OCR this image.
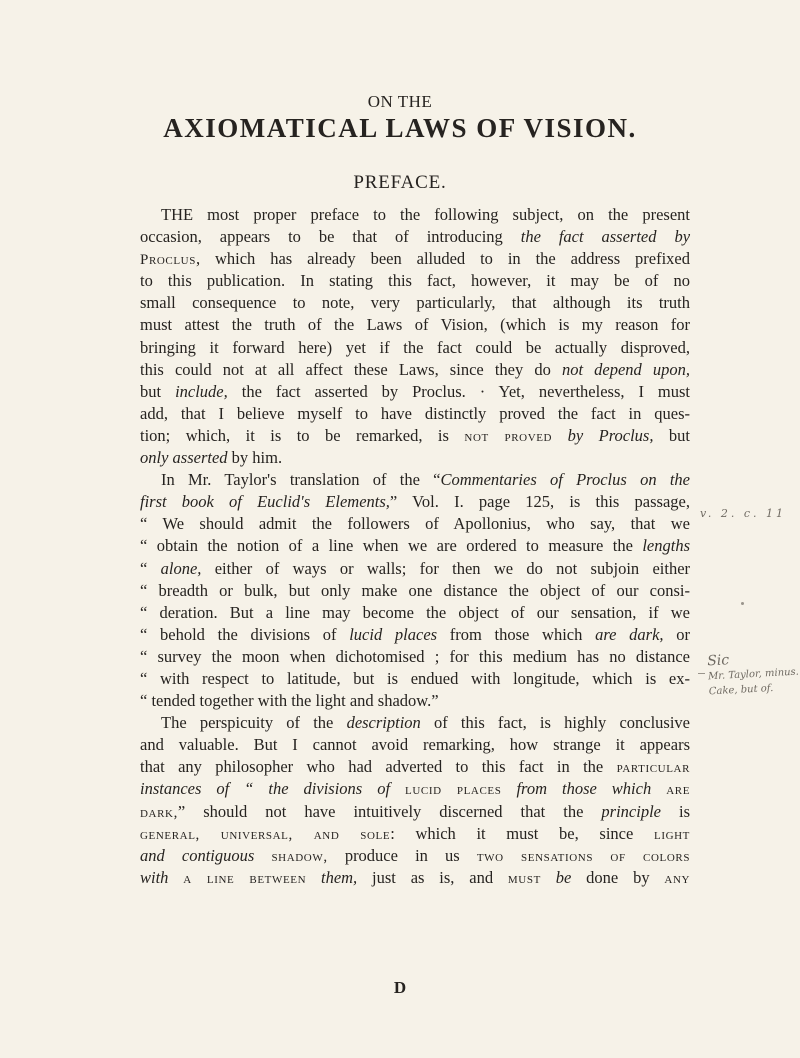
ON THE
AXIOMATICAL LAWS OF VISION.
PREFACE.
THE most proper preface to the following subject, on the present
occasion, appears to be that of introducing the fact asserted by
Proclus, which has already been alluded to in the address prefixed
to this publication. In stating this fact, however, it may be of no
small consequence to note, very particularly, that although its truth
must attest the truth of the Laws of Vision, (which is my reason for
bringing it forward here) yet if the fact could be actually disproved,
this could not at all affect these Laws, since they do not depend upon,
but include, the fact asserted by Proclus. · Yet, nevertheless, I must
add, that I believe myself to have distinctly proved the fact in ques-
tion; which, it is to be remarked, is not proved by Proclus, but
only asserted by him.
In Mr. Taylor's translation of the “Commentaries of Proclus on the
first book of Euclid's Elements,” Vol. I. page 125, is this passage,
“ We should admit the followers of Apollonius, who say, that we
“ obtain the notion of a line when we are ordered to measure the lengths
“ alone, either of ways or walls; for then we do not subjoin either
“ breadth or bulk, but only make one distance the object of our consi-
“ deration. But a line may become the object of our sensation, if we
“ behold the divisions of lucid places from those which are dark, or
“ survey the moon when dichotomised ; for this medium has no distance
“ with respect to latitude, but is endued with longitude, which is ex-
“ tended together with the light and shadow.”
The perspicuity of the description of this fact, is highly conclusive
and valuable. But I cannot avoid remarking, how strange it appears
that any philosopher who had adverted to this fact in the particular
instances of “ the divisions of lucid places from those which are
dark,” should not have intuitively discerned that the principle is
general, universal, and sole: which it must be, since light
and contiguous shadow, produce in us two sensations of colors
with a line between them, just as is, and must be done by any
D
v. 2. c. 11
Sic
Mr. Taylor, minus.
Cake, but of.
